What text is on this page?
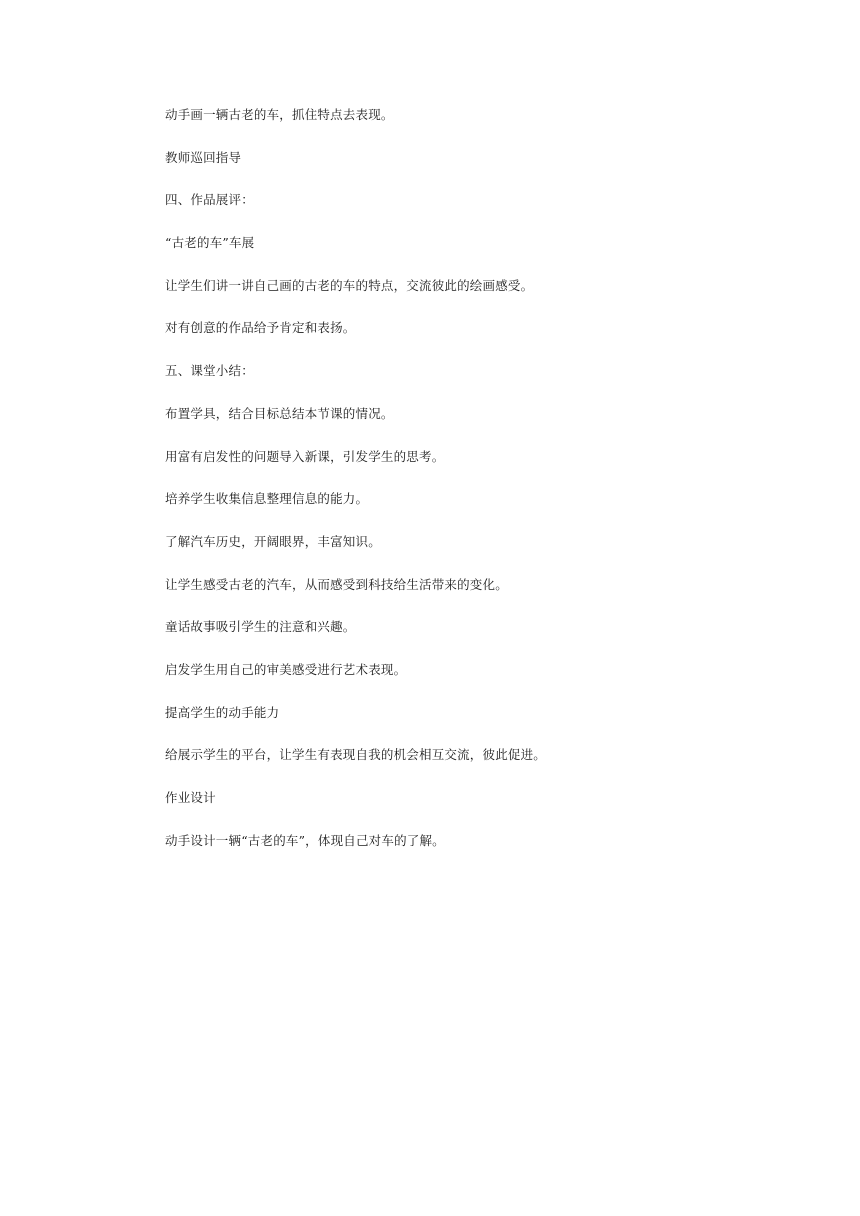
动手画一辆古老的车，抓住特点去表现。

教师巡回指导

四、作品展评：

“古老的车”车展

让学生们讲一讲自己画的古老的车的特点，交流彼此的绘画感受。

对有创意的作品给予肯定和表扬。

五、课堂小结：

布置学具，结合目标总结本节课的情况。

用富有启发性的问题导入新课，引发学生的思考。

培养学生收集信息整理信息的能力。

了解汽车历史，开阔眼界，丰富知识。

让学生感受古老的汽车，从而感受到科技给生活带来的变化。

童话故事吸引学生的注意和兴趣。

启发学生用自己的审美感受进行艺术表现。

提高学生的动手能力

给展示学生的平台，让学生有表现自我的机会相互交流，彼此促进。

作业设计

动手设计一辆“古老的车”，体现自己对车的了解。
